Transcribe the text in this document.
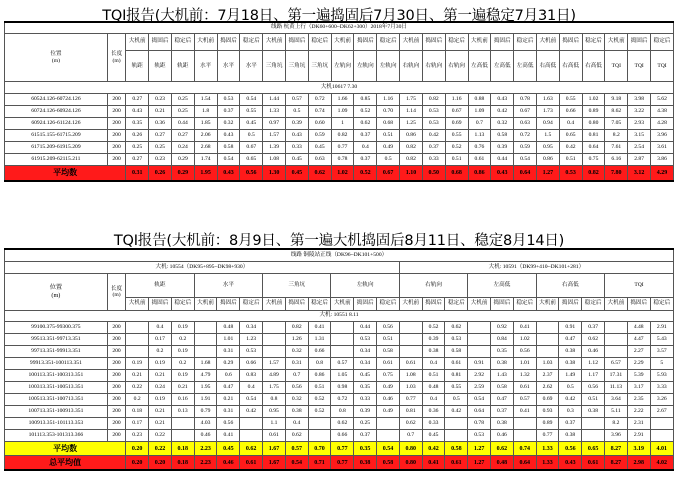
TQI报告(大机前：7月18日、第一遍捣固后7月30日、第一遍稳定7月31日)
线路 杭黄上行（DK60+600~DK62+300）2018年7月30日																									
位置
(m)	长度
(m)	大机前	捣固后	稳定后	大机前	捣固后	稳定后	大机前	捣固后	稳定后	大机前	捣固后	稳定后	大机前	捣固后	稳定后	大机前	捣固后	稳定后	大机前	捣固后	稳定后	大机前	捣固后	稳定后
		轨距	轨距	轨距	水平	水平	水平	三角坑	三角坑	三角坑	左轨向	左轨向	左轨向	右轨向	右轨向	右轨向	左高低	左高低	左高低	右高低	右高低	右高低	TQI	TQI	TQI
大机10617 7.30																									
60524.126-60724.126	200	0.27	0.23	0.25	1.54	0.53	0.54	1.44	0.57	0.72	1.66	0.85	1.16	1.75	0.82	1.16	0.88	0.43	0.78	1.63	0.55	1.02	9.18	3.98	5.62
60724.126-60924.126	200	0.43	0.21	0.25	1.8	0.37	0.55	1.33	0.5	0.74	1.09	0.52	0.70	1.14	0.53	0.67	1.09	0.42	0.67	1.73	0.66	0.89	8.62	3.22	4.38
60924.126-61124.126	200	0.35	0.36	0.44	1.85	0.32	0.45	0.97	0.39	0.60	1	0.62	0.68	1.25	0.53	0.69	0.7	0.32	0.63	0.94	0.4	0.80	7.05	2.93	4.28
61515.155-61715.209	200	0.26	0.27	0.27	2.06	0.43	0.5	1.57	0.43	0.59	0.82	0.37	0.51	0.86	0.42	0.55	1.13	0.58	0.72	1.5	0.65	0.81	8.2	3.15	3.96
61715.209-61915.209	200	0.25	0.25	0.24	2.68	0.58	0.67	1.39	0.33	0.45	0.77	0.4	0.49	0.82	0.37	0.52	0.76	0.39	0.59	0.95	0.42	0.64	7.61	2.54	3.61
61915.209-62115.211	200	0.27	0.23	0.29	1.74	0.54	0.65	1.08	0.45	0.63	0.78	0.37	0.5	0.82	0.33	0.51	0.61	0.44	0.54	0.86	0.51	0.75	6.16	2.87	3.86
平均数		0.31	0.26	0.29	1.95	0.43	0.56	1.30	0.45	0.62	1.02	0.52	0.67	1.10	0.50	0.68	0.86	0.43	0.64	1.27	0.53	0.82	7.80	3.12	4.29
TQI报告(大机前：8月9日、第一遍大机捣固后8月11日、稳定8月14日)
线路 铜陵站正线（DK96~DK101+500）																									
大机: 10554（DK95+895~DK98+930）														大机: 10591（DK99+410~DK101+281）											
位置
(m)	长度
(m)	轨距			水平			三角坑			左轨向			右轨向			左高低			右高低			TQI		
		大机前	捣固后	稳定后	大机前	捣固后	稳定后	大机前	捣固后	稳定后	大机前	捣固后	稳定后	大机前	捣固后	稳定后	大机前	捣固后	稳定后	大机前	捣固后	稳定后	大机前	捣固后	稳定后
大机: 10551 8.11																									
99100.375-99300.375	200		0.4	0.19		0.48	0.34		0.82	0.41		0.44	0.56		0.52	0.62		0.92	0.41		0.91	0.37		4.48	2.91
99513.351-99713.351	200		0.17	0.2		1.01	1.23		1.26	1.31		0.53	0.51		0.39	0.53		0.84	1.02		0.47	0.62		4.47	5.43
99713.351-99913.351	200		0.2	0.19		0.31	0.53		0.32	0.66		0.34	0.58		0.38	0.58		0.35	0.56		0.38	0.46		2.27	3.57
99913.351-100113.351	200	0.19	0.19	0.2	1.68	0.29	0.66	1.57	0.31	0.8	0.57	0.34	0.61	0.61	0.4	0.61	0.91	0.38	1.01	1.03	0.38	1.12	6.57	2.29	5
100113.351-100313.351	200	0.21	0.21	0.19	4.79	0.6	0.83	4.89	0.7	0.86	1.05	0.45	0.75	1.08	0.51	0.81	2.92	1.43	1.32	2.37	1.49	1.17	17.31	5.39	5.93
100313.351-100513.351	200	0.22	0.24	0.21	1.95	0.47	0.4	1.75	0.56	0.51	0.98	0.35	0.49	1.03	0.48	0.55	2.59	0.58	0.61	2.62	0.5	0.56	11.13	3.17	3.33
100513.351-100713.351	200	0.2	0.19	0.16	1.91	0.21	0.54	0.8	0.32	0.52	0.72	0.33	0.46	0.77	0.4	0.5	0.54	0.47	0.57	0.69	0.42	0.51	3.64	2.35	3.26
100713.351-100913.351	200	0.18	0.21	0.13	0.79	0.31	0.42	0.95	0.38	0.52	0.8	0.39	0.49	0.81	0.36	0.42	0.64	0.37	0.41	0.93	0.3	0.38	5.11	2.22	2.67
100913.351-101113.353	200	0.17	0.21		4.03	0.56		1.1	0.4		0.62	0.25		0.62	0.33		0.78	0.38		0.89	0.37		8.2	2.31	
101113.353-101313.366	200	0.23	0.22		0.46	0.41		0.61	0.62		0.66	0.37		0.7	0.45		0.53	0.46		0.77	0.38		3.96	2.91	
平均数		0.20	0.22	0.18	2.23	0.45	0.62	1.67	0.57	0.70	0.77	0.35	0.54	0.80	0.42	0.58	1.27	0.62	0.74	1.33	0.56	0.65	8.27	3.19	4.01
总平均值		0.20	0.20	0.18	2.23	0.46	0.61	1.67	0.54	0.71	0.77	0.38	0.58	0.80	0.41	0.61	1.27	0.48	0.64	1.33	0.43	0.61	8.27	2.98	4.02
